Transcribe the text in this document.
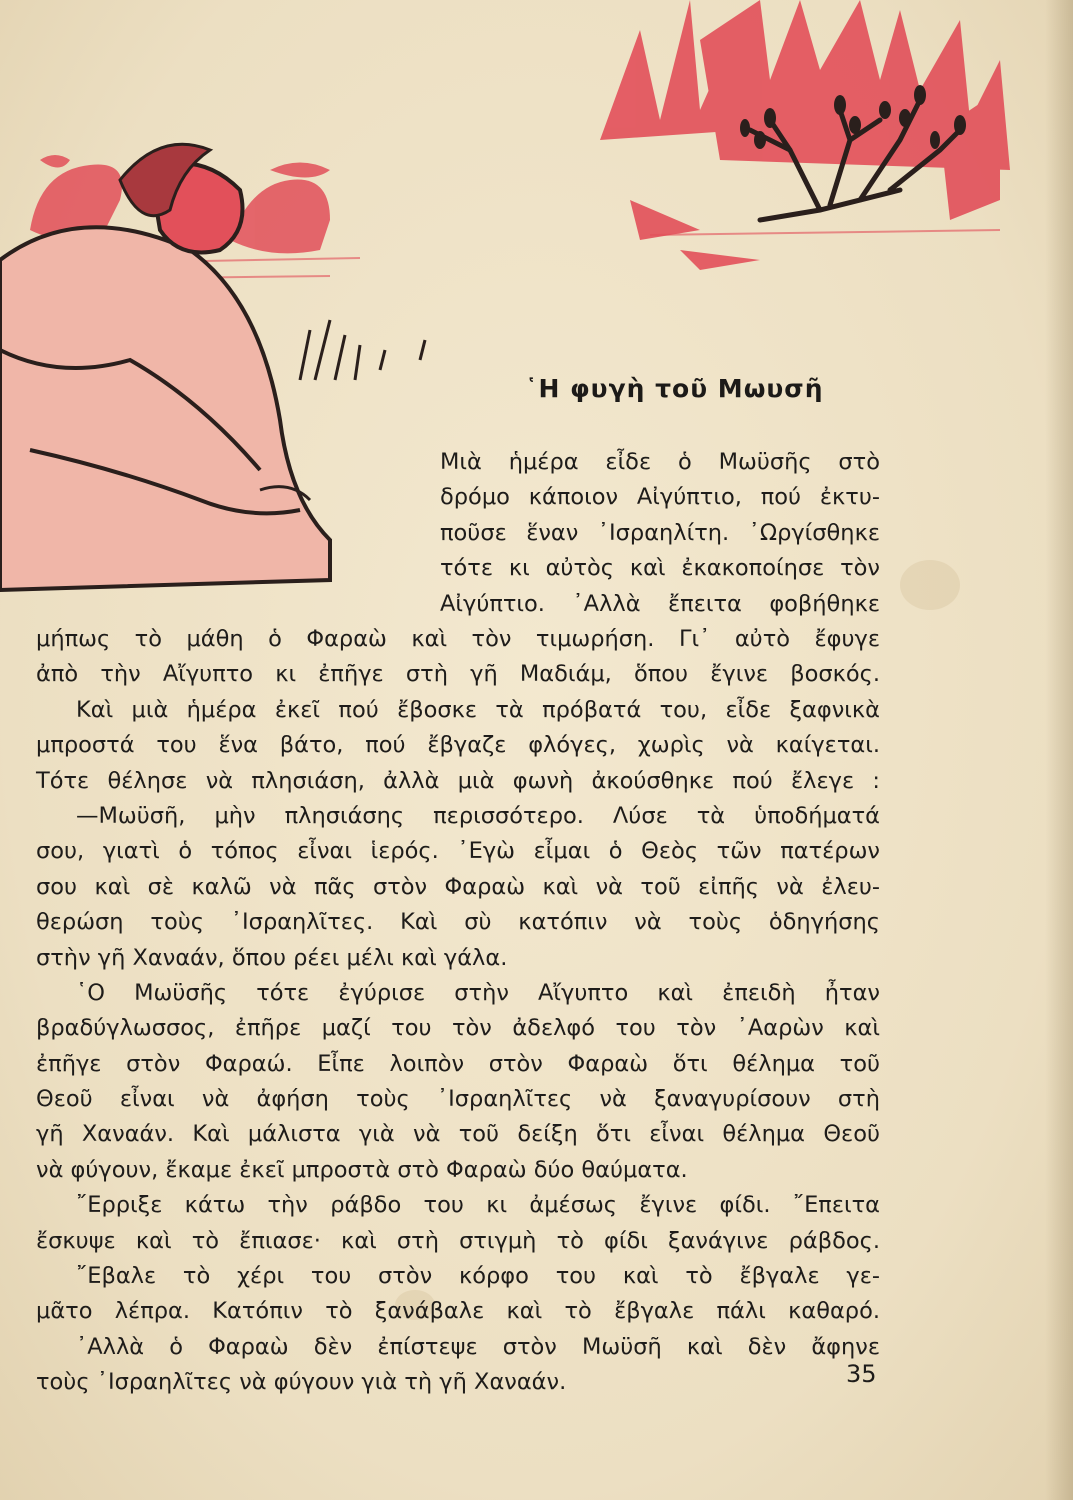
῾Η φυγὴ τοῦ Μωυσῆ
Μιὰ ἡμέρα εἶδε ὁ Μωϋσῆς στὸ
δρόμο κάποιον Αἰγύπτιο, πού ἐκτυ-
ποῦσε ἕναν ᾿Ισραηλίτη. ᾿Ωργίσθηκε
τότε κι αὐτὸς καὶ ἐκακοποίησε τὸν
Αἰγύπτιο. ᾿Αλλὰ ἔπειτα φοβήθηκε
μήπως τὸ μάθη ὁ Φαραὼ καὶ τὸν τιμωρήση. Γι᾿ αὐτὸ ἔφυγε
ἀπὸ τὴν Αἴγυπτο κι ἐπῆγε στὴ γῆ Μαδιάμ, ὅπου ἔγινε βοσκός.
Καὶ μιὰ ἡμέρα ἐκεῖ πού ἔβοσκε τὰ πρόβατά του, εἶδε ξαφνικὰ
μπροστά του ἕνα βάτο, πού ἔβγαζε φλόγες, χωρὶς νὰ καίγεται.
Τότε θέλησε νὰ πλησιάση, ἀλλὰ μιὰ φωνὴ ἀκούσθηκε πού ἔλεγε :
—Μωϋσῆ, μὴν πλησιάσης περισσότερο. Λύσε τὰ ὑποδήματά
σου, γιατὶ ὁ τόπος εἶναι ἱερός. ᾿Εγὼ εἶμαι ὁ Θεὸς τῶν πατέρων
σου καὶ σὲ καλῶ νὰ πᾶς στὸν Φαραὼ καὶ νὰ τοῦ εἰπῆς νὰ ἐλευ-
θερώση τοὺς ᾿Ισραηλῖτες. Καὶ σὺ κατόπιν νὰ τοὺς ὁδηγήσης
στὴν γῆ Χαναάν, ὅπου ρέει μέλι καὶ γάλα.
῾Ο Μωϋσῆς τότε ἐγύρισε στὴν Αἴγυπτο καὶ ἐπειδὴ ἦταν
βραδύγλωσσος, ἐπῆρε μαζί του τὸν ἀδελφό του τὸν ᾿Ααρὼν καὶ
ἐπῆγε στὸν Φαραώ. Εἶπε λοιπὸν στὸν Φαραὼ ὅτι θέλημα τοῦ
Θεοῦ εἶναι νὰ ἀφήση τοὺς ᾿Ισραηλῖτες νὰ ξαναγυρίσουν στὴ
γῆ Χαναάν. Καὶ μάλιστα γιὰ νὰ τοῦ δείξη ὅτι εἶναι θέλημα Θεοῦ
νὰ φύγουν, ἔκαμε ἐκεῖ μπροστὰ στὸ Φαραὼ δύο θαύματα.
῎Ερριξε κάτω τὴν ράβδο του κι ἀμέσως ἔγινε φίδι. ῎Επειτα
ἔσκυψε καὶ τὸ ἔπιασε· καὶ στὴ στιγμὴ τὸ φίδι ξανάγινε ράβδος.
῎Εβαλε τὸ χέρι του στὸν κόρφο του καὶ τὸ ἔβγαλε γε-
μᾶτο λέπρα. Κατόπιν τὸ ξανάβαλε καὶ τὸ ἔβγαλε πάλι καθαρό.
᾿Αλλὰ ὁ Φαραὼ δὲν ἐπίστεψε στὸν Μωϋσῆ καὶ δὲν ἄφηνε
τοὺς ᾿Ισραηλῖτες νὰ φύγουν γιὰ τὴ γῆ Χαναάν.	35
